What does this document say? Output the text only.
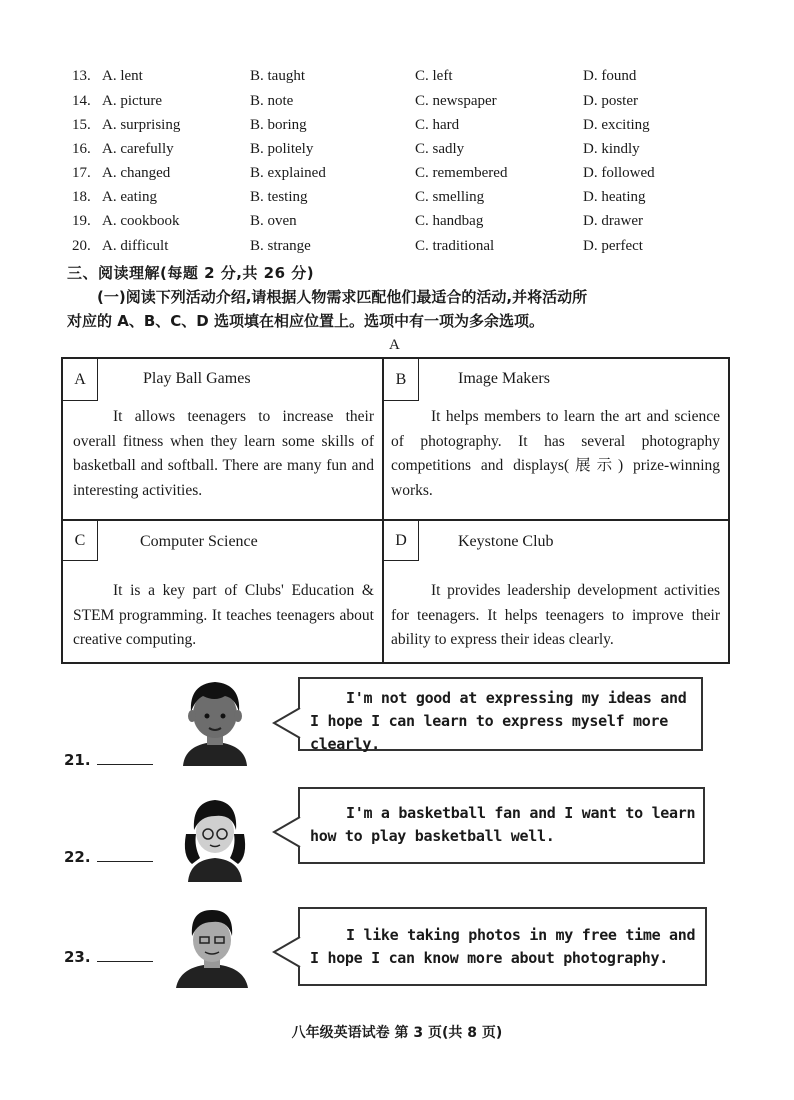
13. A. lent	B. taught	C. left	D. found
14. A. picture	B. note	C. newspaper	D. poster
15. A. surprising	B. boring	C. hard	D. exciting
16. A. carefully	B. politely	C. sadly	D. kindly
17. A. changed	B. explained	C. remembered	D. followed
18. A. eating	B. testing	C. smelling	D. heating
19. A. cookbook	B. oven	C. handbag	D. drawer
20. A. difficult	B. strange	C. traditional	D. perfect
三、阅读理解(每题 2 分,共 26 分)
(一)阅读下列活动介绍,请根据人物需求匹配他们最适合的活动,并将活动所
对应的 A、B、C、D 选项填在相应位置上。选项中有一项为多余选项。
A
A	Play Ball Games
It allows teenagers to increase their overall fitness when they learn some skills of basketball and softball. There are many fun and interesting activities.
B	Image Makers
It helps members to learn the art and science of photography. It has several photography competitions and displays(展示) prize-winning works.
C	Computer Science
It is a key part of Clubs' Education & STEM programming. It teaches teenagers about creative computing.
D	Keystone Club
It provides leadership development activities for teenagers. It helps teenagers to improve their ability to express their ideas clearly.
21.
I'm not good at expressing my ideas and I hope I can learn to express myself more clearly.
22.
I'm a basketball fan and I want to learn how to play basketball well.
23.
I like taking photos in my free time and I hope I can know more about photography.
八年级英语试卷 第 3 页(共 8 页)
